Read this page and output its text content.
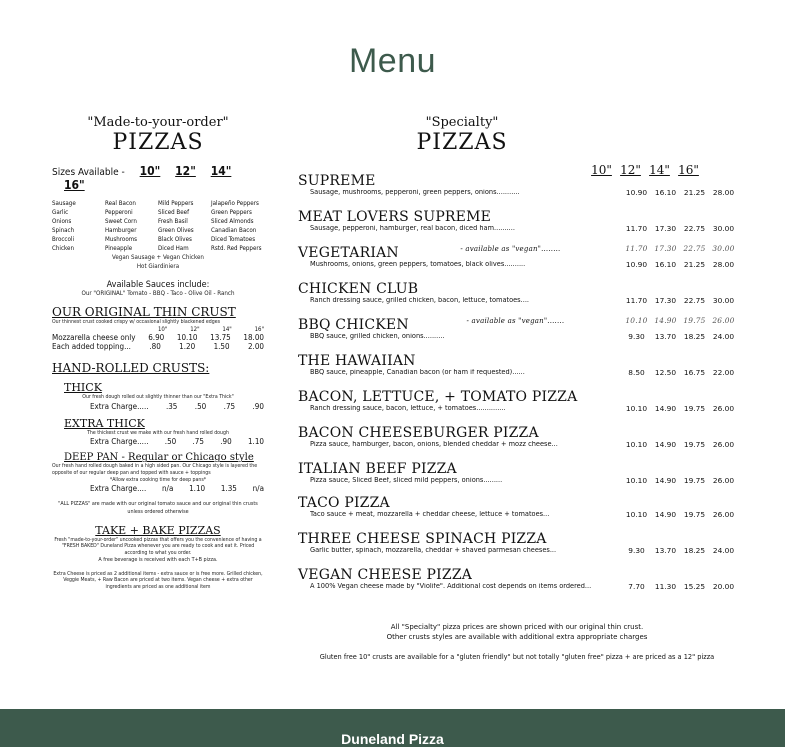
Menu
"Made-to-your-order"
PIZZAS
Sizes Available - 10" 12" 14" 16"
Sausage	Real Bacon	Mild Peppers	Jalapeño Peppers
Garlic	Pepperoni	Sliced Beef	Green Peppers
Onions	Sweet Corn	Fresh Basil	Sliced Almonds
Spinach	Hamburger	Green Olives	Canadian Bacon
Broccoli	Mushrooms	Black Olives	Diced Tomatoes
Chicken	Pineapple	Diced Ham	Rstd. Red Peppers
Vegan Sausage + Vegan Chicken
Hot Giardiniera
Available Sauces include:
Our "ORIGINAL" Tomato - BBQ - Taco - Olive Oil - Ranch
OUR ORIGINAL THIN CRUST
Our thinnest crust cooked crispy w/ occasional slightly blackened edges
10"	12"	14"	16"
Mozzarella cheese only 6.90 10.10 13.75 18.00
Each added topping... .80 1.20 1.50 2.00
HAND-ROLLED CRUSTS:
THICK
Our fresh dough rolled out slightly thinner than our "Extra Thick"
Extra Charge..... .35 .50 .75 .90
EXTRA THICK
The thickest crust we make with our fresh hand rolled dough
Extra Charge..... .50 .75 .90 1.10
DEEP PAN - Regular or Chicago style
Our fresh hand rolled dough baked in a high sided pan. Our Chicago style is layered the opposite of our regular deep pan and topped with sauce + toppings
*Allow extra cooking time for deep pans*
Extra Charge.... n/a 1.10 1.35 n/a
"ALL PIZZAS" are made with our original tomato sauce and our original thin crusts unless ordered otherwise
TAKE + BAKE PIZZAS
Fresh "made-to-your-order" uncooked pizzas that offers you the convenience of having a "FRESH BAKED" Duneland Pizza whenever you are ready to cook and eat it. Priced according to what you order.
A free beverage is received with each T+B pizza.
Extra Cheese is priced as 2 additional items - extra sauce or is free more. Grilled chicken, Veggie Meats, + Raw Bacon are priced at two items. Vegan cheese + extra other ingredients are priced as one additional item
"Specialty"
PIZZAS
10" 12" 14" 16"
SUPREME
Sausage, mushrooms, pepperoni, green peppers, onions...........	10.90	16.10	21.25	28.00
MEAT LOVERS SUPREME
Sausage, pepperoni, hamburger, real bacon, diced ham..........	11.70	17.30	22.75	30.00
VEGETARIAN	- available as "vegan"........	11.70 17.30 22.75 30.00
Mushrooms, onions, green peppers, tomatoes, black olives..........	10.90	16.10	21.25	28.00
CHICKEN CLUB
Ranch dressing sauce, grilled chicken, bacon, lettuce, tomatoes....	11.70	17.30	22.75	30.00
BBQ CHICKEN	- available as "vegan".......	10.10 14.90 19.75 26.00
BBQ sauce, grilled chicken, onions..........	9.30	13.70	18.25	24.00
THE HAWAIIAN
BBQ sauce, pineapple, Canadian bacon (or ham if requested)......	8.50	12.50	16.75	22.00
BACON, LETTUCE, + TOMATO PIZZA
Ranch dressing sauce, bacon, lettuce, + tomatoes..............	10.10	14.90	19.75	26.00
BACON CHEESEBURGER PIZZA
Pizza sauce, hamburger, bacon, onions, blended cheddar + mozz cheese...	10.10	14.90	19.75	26.00
ITALIAN BEEF PIZZA
Pizza sauce, Sliced Beef, sliced mild peppers, onions.........	10.10	14.90	19.75	26.00
TACO PIZZA
Taco sauce + meat, mozzarella + cheddar cheese, lettuce + tomatoes...	10.10	14.90	19.75	26.00
THREE CHEESE SPINACH PIZZA
Garlic butter, spinach, mozzarella, cheddar + shaved parmesan cheeses...	9.30	13.70	18.25	24.00
VEGAN CHEESE PIZZA
A 100% Vegan cheese made by "Violife". Additional cost depends on items ordered...	7.70	11.30	15.25	20.00
All "Specialty" pizza prices are shown priced with our original thin crust.
Other crusts styles are available with additional extra appropriate charges
Gluten free 10" crusts are available for a "gluten friendly" but not totally "gluten free" pizza + are priced as a 12" pizza
Duneland Pizza
